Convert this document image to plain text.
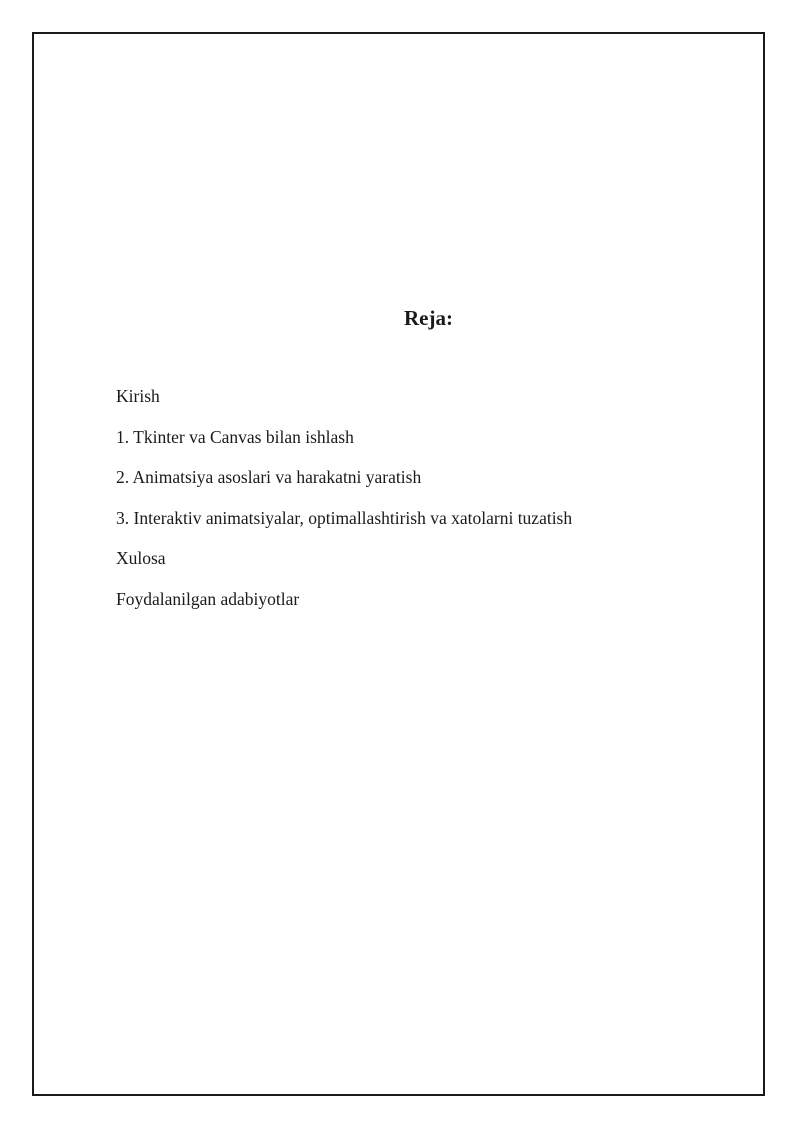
Reja:
Kirish
1. Tkinter va Canvas bilan ishlash
2. Animatsiya asoslari va harakatni yaratish
3. Interaktiv animatsiyalar, optimallashtirish va xatolarni tuzatish
Xulosa
Foydalanilgan adabiyotlar
